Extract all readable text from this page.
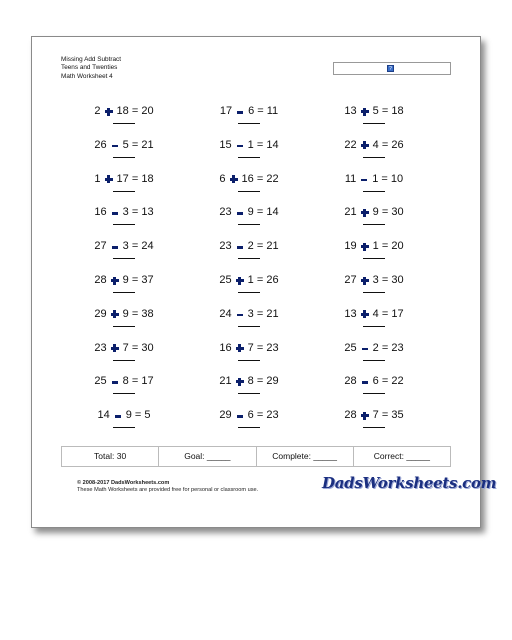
Missing Add Subtract
Teens and Twenties
Math Worksheet 4
?
2 18 = 20	17 6 = 11	13 5 = 18
26 5 = 21	15 1 = 14	22 4 = 26
1 17 = 18	6 16 = 22	11 1 = 10
16 3 = 13	23 9 = 14	21 9 = 30
27 3 = 24	23 2 = 21	19 1 = 20
28 9 = 37	25 1 = 26	27 3 = 30
29 9 = 38	24 3 = 21	13 4 = 17
23 7 = 30	16 7 = 23	25 2 = 23
25 8 = 17	21 8 = 29	28 6 = 22
14 9 = 5	29 6 = 23	28 7 = 35
Total: 30	Goal: _____	Complete: _____	Correct: _____
© 2008-2017 DadsWorksheets.com
These Math Worksheets are provided free for personal or classroom use.	DadsWorksheets.com
